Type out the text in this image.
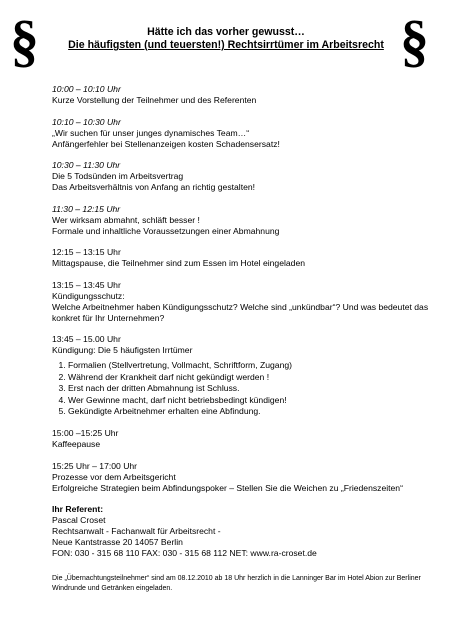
§	§
Hätte ich das vorher gewusst…
Die häufigsten (und teuersten!) Rechtsirrtümer im Arbeitsrecht
10:00 – 10:10 Uhr
Kurze Vorstellung der Teilnehmer und des Referenten
10:10 – 10:30 Uhr
„Wir suchen für unser junges dynamisches Team…“
Anfängerfehler bei Stellenanzeigen kosten Schadensersatz!
10:30 – 11:30 Uhr
Die 5 Todsünden im Arbeitsvertrag
Das Arbeitsverhältnis von Anfang an richtig gestalten!
11:30 – 12:15 Uhr
Wer wirksam abmahnt, schläft besser !
Formale und inhaltliche Voraussetzungen einer Abmahnung
12:15 – 13:15 Uhr
Mittagspause, die Teilnehmer sind zum Essen im Hotel eingeladen
13:15 – 13:45 Uhr
Kündigungsschutz:
Welche Arbeitnehmer haben Kündigungsschutz? Welche sind „unkündbar“? Und was bedeutet das konkret für Ihr Unternehmen?
13:45 – 15.00 Uhr
Kündigung: Die 5 häufigsten Irrtümer
1. Formalien (Stellvertretung, Vollmacht, Schriftform, Zugang)
2. Während der Krankheit darf nicht gekündigt werden !
3. Erst nach der dritten Abmahnung ist Schluss.
4. Wer Gewinne macht, darf nicht betriebsbedingt kündigen!
5. Gekündigte Arbeitnehmer erhalten eine Abfindung.
15:00 –15:25 Uhr
Kaffeepause
15:25 Uhr – 17:00 Uhr
Prozesse vor dem Arbeitsgericht
Erfolgreiche Strategien beim Abfindungspoker – Stellen Sie die Weichen zu „Friedenszeiten“
Ihr Referent:
Pascal Croset
Rechtsanwalt - Fachanwalt für Arbeitsrecht -
Neue Kantstrasse 20 14057 Berlin
FON: 030 - 315 68 110 FAX: 030 - 315 68 112 NET: www.ra-croset.de
Die „Übernachtungsteilnehmer“ sind am 08.12.2010 ab 18 Uhr herzlich in die Lanninger Bar im Hotel Abion zur Berliner Windrunde und Getränken eingeladen.
